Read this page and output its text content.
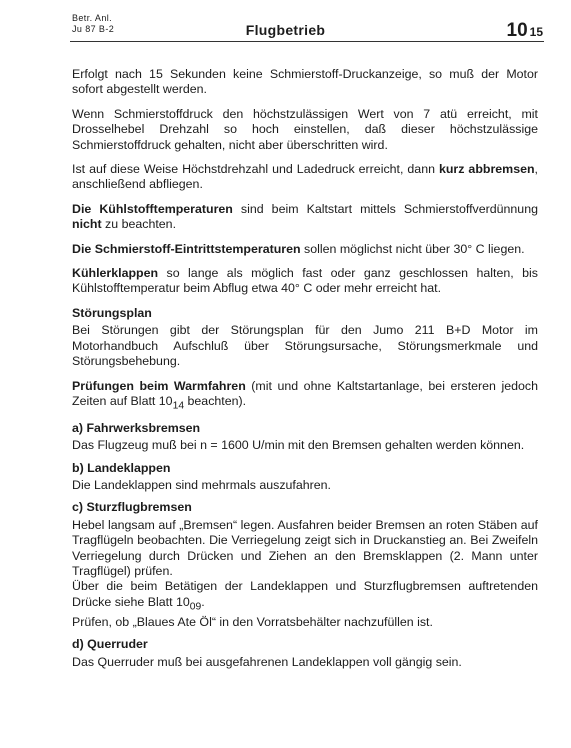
Betr. Anl.
Ju 87 B-2	Flugbetrieb	10 15

Erfolgt nach 15 Sekunden keine Schmierstoff-Druckanzeige, so muß der Motor sofort abgestellt werden.

Wenn Schmierstoffdruck den höchstzulässigen Wert von 7 atü erreicht, mit Drosselhebel Drehzahl so hoch einstellen, daß dieser höchstzulässige Schmierstoffdruck gehalten, nicht aber überschritten wird.

Ist auf diese Weise Höchstdrehzahl und Ladedruck erreicht, dann kurz abbremsen, anschließend abfliegen.

Die Kühlstofftemperaturen sind beim Kaltstart mittels Schmierstoffverdünnung nicht zu beachten.

Die Schmierstoff-Eintrittstemperaturen sollen möglichst nicht über 30° C liegen.

Kühlerklappen so lange als möglich fast oder ganz geschlossen halten, bis Kühlstofftemperatur beim Abflug etwa 40° C oder mehr erreicht hat.

Störungsplan

Bei Störungen gibt der Störungsplan für den Jumo 211 B+D Motor im Motorhandbuch Aufschluß über Störungsursache, Störungsmerkmale und Störungsbehebung.

Prüfungen beim Warmfahren (mit und ohne Kaltstartanlage, bei ersteren jedoch Zeiten auf Blatt $10_{14}$ beachten).

a) Fahrwerksbremsen

Das Flugzeug muß bei n = 1600 U/min mit den Bremsen gehalten werden können.

b) Landeklappen

Die Landeklappen sind mehrmals auszufahren.

c) Sturzflugbremsen

Hebel langsam auf „Bremsen“ legen. Ausfahren beider Bremsen an roten Stäben auf Tragflügeln beobachten. Die Verriegelung zeigt sich in Druckanstieg an. Bei Zweifeln Verriegelung durch Drücken und Ziehen an den Bremsklappen (2. Mann unter Tragflügel) prüfen.

Über die beim Betätigen der Landeklappen und Sturzflugbremsen auftretenden Drücke siehe Blatt $10_{09}$.

Prüfen, ob „Blaues Ate Öl“ in den Vorratsbehälter nachzufüllen ist.

d) Querruder

Das Querruder muß bei ausgefahrenen Landeklappen voll gängig sein.
